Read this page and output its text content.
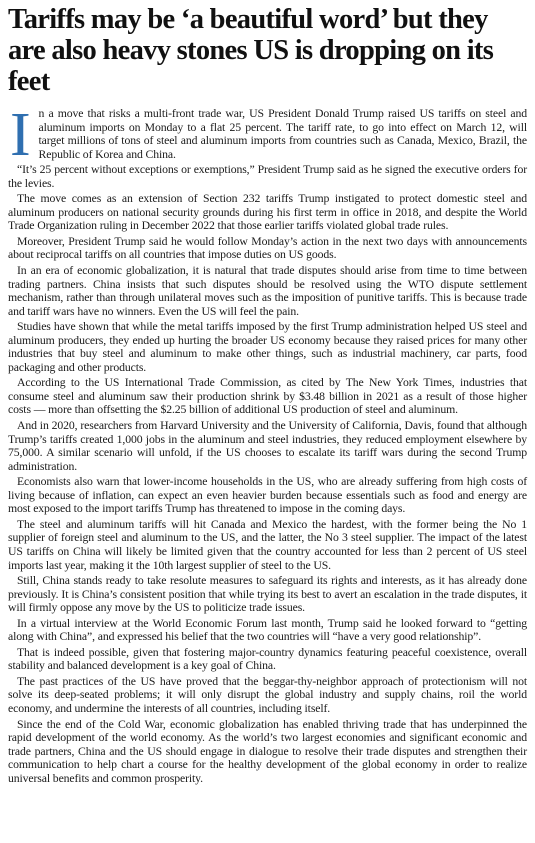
Tariffs may be ‘a beautiful word’ but they are also heavy stones US is dropping on its feet

In a move that risks a multi-front trade war, US President Donald Trump raised US tariffs on steel and aluminum imports on Monday to a flat 25 percent. The tariff rate, to go into effect on March 12, will target millions of tons of steel and aluminum imports from countries such as Canada, Mexico, Brazil, the Republic of Korea and China.

“It’s 25 percent without exceptions or exemptions,” President Trump said as he signed the executive orders for the levies.

The move comes as an extension of Section 232 tariffs Trump instigated to protect domestic steel and aluminum producers on national security grounds during his first term in office in 2018, and despite the World Trade Organization ruling in December 2022 that those earlier tariffs violated global trade rules.

Moreover, President Trump said he would follow Monday’s action in the next two days with announcements about reciprocal tariffs on all countries that impose duties on US goods.

In an era of economic globalization, it is natural that trade disputes should arise from time to time between trading partners. China insists that such disputes should be resolved using the WTO dispute settlement mechanism, rather than through unilateral moves such as the imposition of punitive tariffs. This is because trade and tariff wars have no winners. Even the US will feel the pain.

Studies have shown that while the metal tariffs imposed by the first Trump administration helped US steel and aluminum producers, they ended up hurting the broader US economy because they raised prices for many other industries that buy steel and aluminum to make other things, such as industrial machinery, car parts, food packaging and other products.

According to the US International Trade Commission, as cited by The New York Times, industries that consume steel and aluminum saw their production shrink by $3.48 billion in 2021 as a result of those higher costs — more than offsetting the $2.25 billion of additional US production of steel and aluminum.

And in 2020, researchers from Harvard University and the University of California, Davis, found that although Trump’s tariffs created 1,000 jobs in the aluminum and steel industries, they reduced employment elsewhere by 75,000. A similar scenario will unfold, if the US chooses to escalate its tariff wars during the second Trump administration.

Economists also warn that lower-income households in the US, who are already suffering from high costs of living because of inflation, can expect an even heavier burden because essentials such as food and energy are most exposed to the import tariffs Trump has threatened to impose in the coming days.

The steel and aluminum tariffs will hit Canada and Mexico the hardest, with the former being the No 1 supplier of foreign steel and aluminum to the US, and the latter, the No 3 steel supplier. The impact of the latest US tariffs on China will likely be limited given that the country accounted for less than 2 percent of US steel imports last year, making it the 10th largest supplier of steel to the US.

Still, China stands ready to take resolute measures to safeguard its rights and interests, as it has already done previously. It is China’s consistent position that while trying its best to avert an escalation in the trade disputes, it will firmly oppose any move by the US to politicize trade issues.

In a virtual interview at the World Economic Forum last month, Trump said he looked forward to “getting along with China”, and expressed his belief that the two countries will “have a very good relationship”.

That is indeed possible, given that fostering major-country dynamics featuring peaceful coexistence, overall stability and balanced development is a key goal of China.

The past practices of the US have proved that the beggar-thy-neighbor approach of protectionism will not solve its deep-seated problems; it will only disrupt the global industry and supply chains, roil the world economy, and undermine the interests of all countries, including itself.

Since the end of the Cold War, economic globalization has enabled thriving trade that has underpinned the rapid development of the world economy. As the world’s two largest economies and significant economic and trade partners, China and the US should engage in dialogue to resolve their trade disputes and strengthen their communication to help chart a course for the healthy development of the global economy in order to realize universal benefits and common prosperity.
